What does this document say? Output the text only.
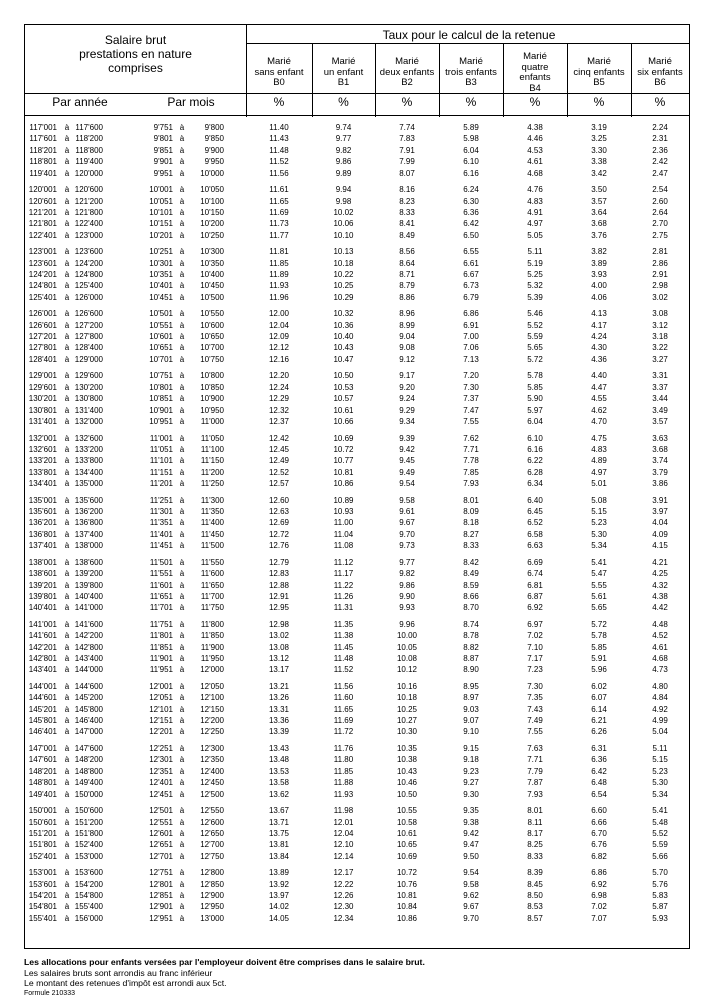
Salaire brut
prestations en nature
comprises
Taux pour le calcul de la retenue
Marié
sans enfant
B0
Marié
un enfant
B1
Marié
deux enfants
B2
Marié
trois enfants
B3
Marié
quatre
enfants
B4
Marié
cinq enfants
B5
Marié
six enfants
B6
Par année	Par mois	%	%	%	%	%	%	%
117'001 à 117'600	9'751 à	9'800	11.40	9.74	7.74	5.89	4.38	3.19	2.24
117'601 à 118'200	9'801 à	9'850	11.43	9.77	7.83	5.98	4.46	3.25	2.31
118'201 à 118'800	9'851 à	9'900	11.48	9.82	7.91	6.04	4.53	3.30	2.36
118'801 à 119'400	9'901 à	9'950	11.52	9.86	7.99	6.10	4.61	3.38	2.42
119'401 à 120'000	9'951 à	10'000	11.56	9.89	8.07	6.16	4.68	3.42	2.47
120'001 à 120'600	10'001 à	10'050	11.61	9.94	8.16	6.24	4.76	3.50	2.54
120'601 à 121'200	10'051 à	10'100	11.65	9.98	8.23	6.30	4.83	3.57	2.60
121'201 à 121'800	10'101 à	10'150	11.69	10.02	8.33	6.36	4.91	3.64	2.64
121'801 à 122'400	10'151 à	10'200	11.73	10.06	8.41	6.42	4.97	3.68	2.70
122'401 à 123'000	10'201 à	10'250	11.77	10.10	8.49	6.50	5.05	3.76	2.75
123'001 à 123'600	10'251 à	10'300	11.81	10.13	8.56	6.55	5.11	3.82	2.81
123'601 à 124'200	10'301 à	10'350	11.85	10.18	8.64	6.61	5.19	3.89	2.86
124'201 à 124'800	10'351 à	10'400	11.89	10.22	8.71	6.67	5.25	3.93	2.91
124'801 à 125'400	10'401 à	10'450	11.93	10.25	8.79	6.73	5.32	4.00	2.98
125'401 à 126'000	10'451 à	10'500	11.96	10.29	8.86	6.79	5.39	4.06	3.02
126'001 à 126'600	10'501 à	10'550	12.00	10.32	8.96	6.86	5.46	4.13	3.08
126'601 à 127'200	10'551 à	10'600	12.04	10.36	8.99	6.91	5.52	4.17	3.12
127'201 à 127'800	10'601 à	10'650	12.09	10.40	9.04	7.00	5.59	4.24	3.18
127'801 à 128'400	10'651 à	10'700	12.12	10.43	9.08	7.06	5.65	4.30	3.22
128'401 à 129'000	10'701 à	10'750	12.16	10.47	9.12	7.13	5.72	4.36	3.27
129'001 à 129'600	10'751 à	10'800	12.20	10.50	9.17	7.20	5.78	4.40	3.31
129'601 à 130'200	10'801 à	10'850	12.24	10.53	9.20	7.30	5.85	4.47	3.37
130'201 à 130'800	10'851 à	10'900	12.29	10.57	9.24	7.37	5.90	4.55	3.44
130'801 à 131'400	10'901 à	10'950	12.32	10.61	9.29	7.47	5.97	4.62	3.49
131'401 à 132'000	10'951 à	11'000	12.37	10.66	9.34	7.55	6.04	4.70	3.57
132'001 à 132'600	11'001 à	11'050	12.42	10.69	9.39	7.62	6.10	4.75	3.63
132'601 à 133'200	11'051 à	11'100	12.45	10.72	9.42	7.71	6.16	4.83	3.68
133'201 à 133'800	11'101 à	11'150	12.49	10.77	9.45	7.78	6.22	4.89	3.74
133'801 à 134'400	11'151 à	11'200	12.52	10.81	9.49	7.85	6.28	4.97	3.79
134'401 à 135'000	11'201 à	11'250	12.57	10.86	9.54	7.93	6.34	5.01	3.86
135'001 à 135'600	11'251 à	11'300	12.60	10.89	9.58	8.01	6.40	5.08	3.91
135'601 à 136'200	11'301 à	11'350	12.63	10.93	9.61	8.09	6.45	5.15	3.97
136'201 à 136'800	11'351 à	11'400	12.69	11.00	9.67	8.18	6.52	5.23	4.04
136'801 à 137'400	11'401 à	11'450	12.72	11.04	9.70	8.27	6.58	5.30	4.09
137'401 à 138'000	11'451 à	11'500	12.76	11.08	9.73	8.33	6.63	5.34	4.15
138'001 à 138'600	11'501 à	11'550	12.79	11.12	9.77	8.42	6.69	5.41	4.21
138'601 à 139'200	11'551 à	11'600	12.83	11.17	9.82	8.49	6.74	5.47	4.25
139'201 à 139'800	11'601 à	11'650	12.88	11.22	9.86	8.59	6.81	5.55	4.32
139'801 à 140'400	11'651 à	11'700	12.91	11.26	9.90	8.66	6.87	5.61	4.38
140'401 à 141'000	11'701 à	11'750	12.95	11.31	9.93	8.70	6.92	5.65	4.42
141'001 à 141'600	11'751 à	11'800	12.98	11.35	9.96	8.74	6.97	5.72	4.48
141'601 à 142'200	11'801 à	11'850	13.02	11.38	10.00	8.78	7.02	5.78	4.52
142'201 à 142'800	11'851 à	11'900	13.08	11.45	10.05	8.82	7.10	5.85	4.61
142'801 à 143'400	11'901 à	11'950	13.12	11.48	10.08	8.87	7.17	5.91	4.68
143'401 à 144'000	11'951 à	12'000	13.17	11.52	10.12	8.90	7.23	5.96	4.73
144'001 à 144'600	12'001 à	12'050	13.21	11.56	10.16	8.95	7.30	6.02	4.80
144'601 à 145'200	12'051 à	12'100	13.26	11.60	10.18	8.97	7.35	6.07	4.84
145'201 à 145'800	12'101 à	12'150	13.31	11.65	10.25	9.03	7.43	6.14	4.92
145'801 à 146'400	12'151 à	12'200	13.36	11.69	10.27	9.07	7.49	6.21	4.99
146'401 à 147'000	12'201 à	12'250	13.39	11.72	10.30	9.10	7.55	6.26	5.04
147'001 à 147'600	12'251 à	12'300	13.43	11.76	10.35	9.15	7.63	6.31	5.11
147'601 à 148'200	12'301 à	12'350	13.48	11.80	10.38	9.18	7.71	6.36	5.15
148'201 à 148'800	12'351 à	12'400	13.53	11.85	10.43	9.23	7.79	6.42	5.23
148'801 à 149'400	12'401 à	12'450	13.58	11.88	10.46	9.27	7.87	6.48	5.30
149'401 à 150'000	12'451 à	12'500	13.62	11.93	10.50	9.30	7.93	6.54	5.34
150'001 à 150'600	12'501 à	12'550	13.67	11.98	10.55	9.35	8.01	6.60	5.41
150'601 à 151'200	12'551 à	12'600	13.71	12.01	10.58	9.38	8.11	6.66	5.48
151'201 à 151'800	12'601 à	12'650	13.75	12.04	10.61	9.42	8.17	6.70	5.52
151'801 à 152'400	12'651 à	12'700	13.81	12.10	10.65	9.47	8.25	6.76	5.59
152'401 à 153'000	12'701 à	12'750	13.84	12.14	10.69	9.50	8.33	6.82	5.66
153'001 à 153'600	12'751 à	12'800	13.89	12.17	10.72	9.54	8.39	6.86	5.70
153'601 à 154'200	12'801 à	12'850	13.92	12.22	10.76	9.58	8.45	6.92	5.76
154'201 à 154'800	12'851 à	12'900	13.97	12.26	10.81	9.62	8.50	6.98	5.83
154'801 à 155'400	12'901 à	12'950	14.02	12.30	10.84	9.67	8.53	7.02	5.87
155'401 à 156'000	12'951 à	13'000	14.05	12.34	10.86	9.70	8.57	7.07	5.93
Les allocations pour enfants versées par l'employeur doivent être comprises dans le salaire brut.
Les salaires bruts sont arrondis au franc inférieur
Le montant des retenues d'impôt est arrondi aux 5ct.
Formule 210333
